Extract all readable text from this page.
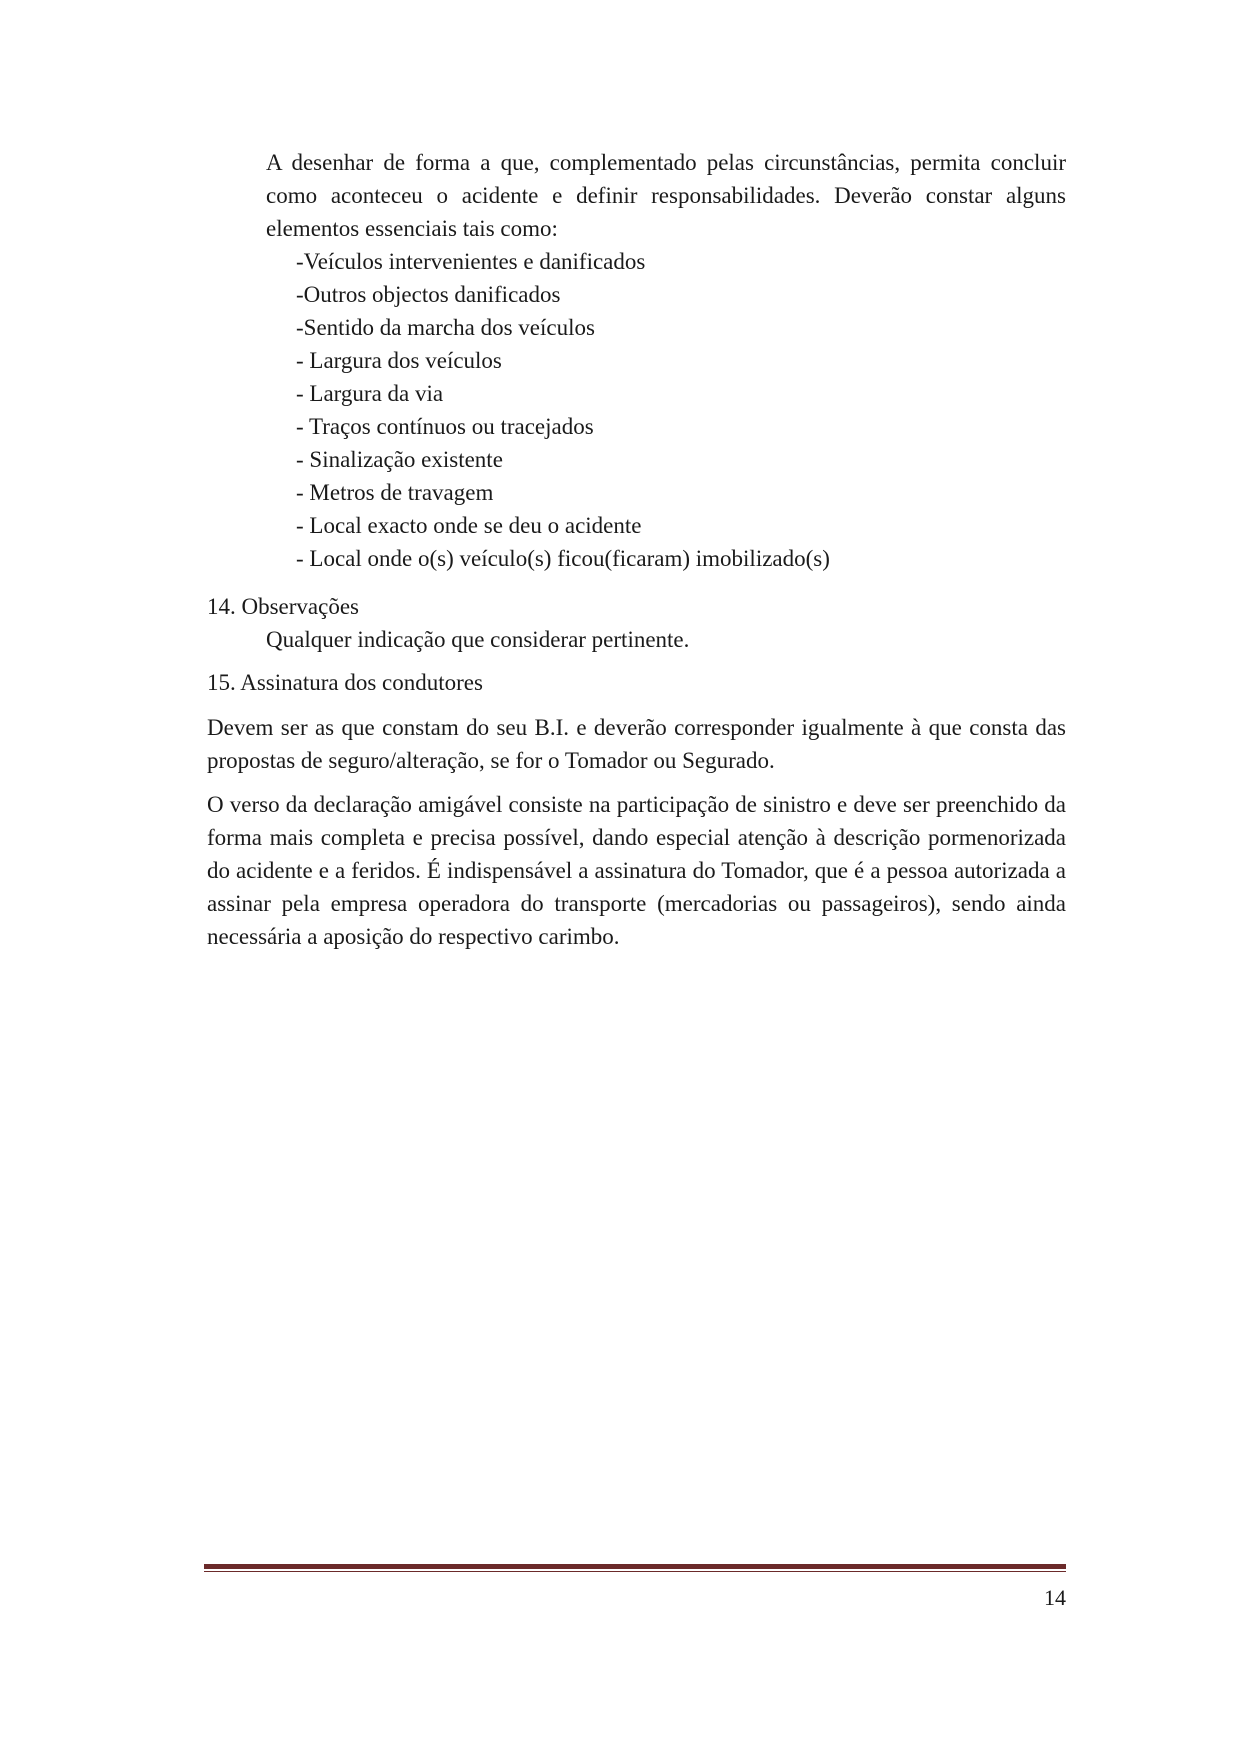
A desenhar de forma a que, complementado pelas circunstâncias, permita concluir como aconteceu o acidente e definir responsabilidades. Deverão constar alguns elementos essenciais tais como:

-Veículos intervenientes e danificados
-Outros objectos danificados
-Sentido da marcha dos veículos
- Largura dos veículos
- Largura da via
- Traços contínuos ou tracejados
- Sinalização existente
- Metros de travagem
- Local exacto onde se deu o acidente
- Local onde o(s) veículo(s) ficou(ficaram) imobilizado(s)

14. Observações

Qualquer indicação que considerar pertinente.

15. Assinatura dos condutores

Devem ser as que constam do seu B.I. e deverão corresponder igualmente à que consta das propostas de seguro/alteração, se for o Tomador ou Segurado.

O verso da declaração amigável consiste na participação de sinistro e deve ser preenchido da forma mais completa e precisa possível, dando especial atenção à descrição pormenorizada do acidente e a feridos. É indispensável a assinatura do Tomador, que é a pessoa autorizada a assinar pela empresa operadora do transporte (mercadorias ou passageiros), sendo ainda necessária a aposição do respectivo carimbo.

14
